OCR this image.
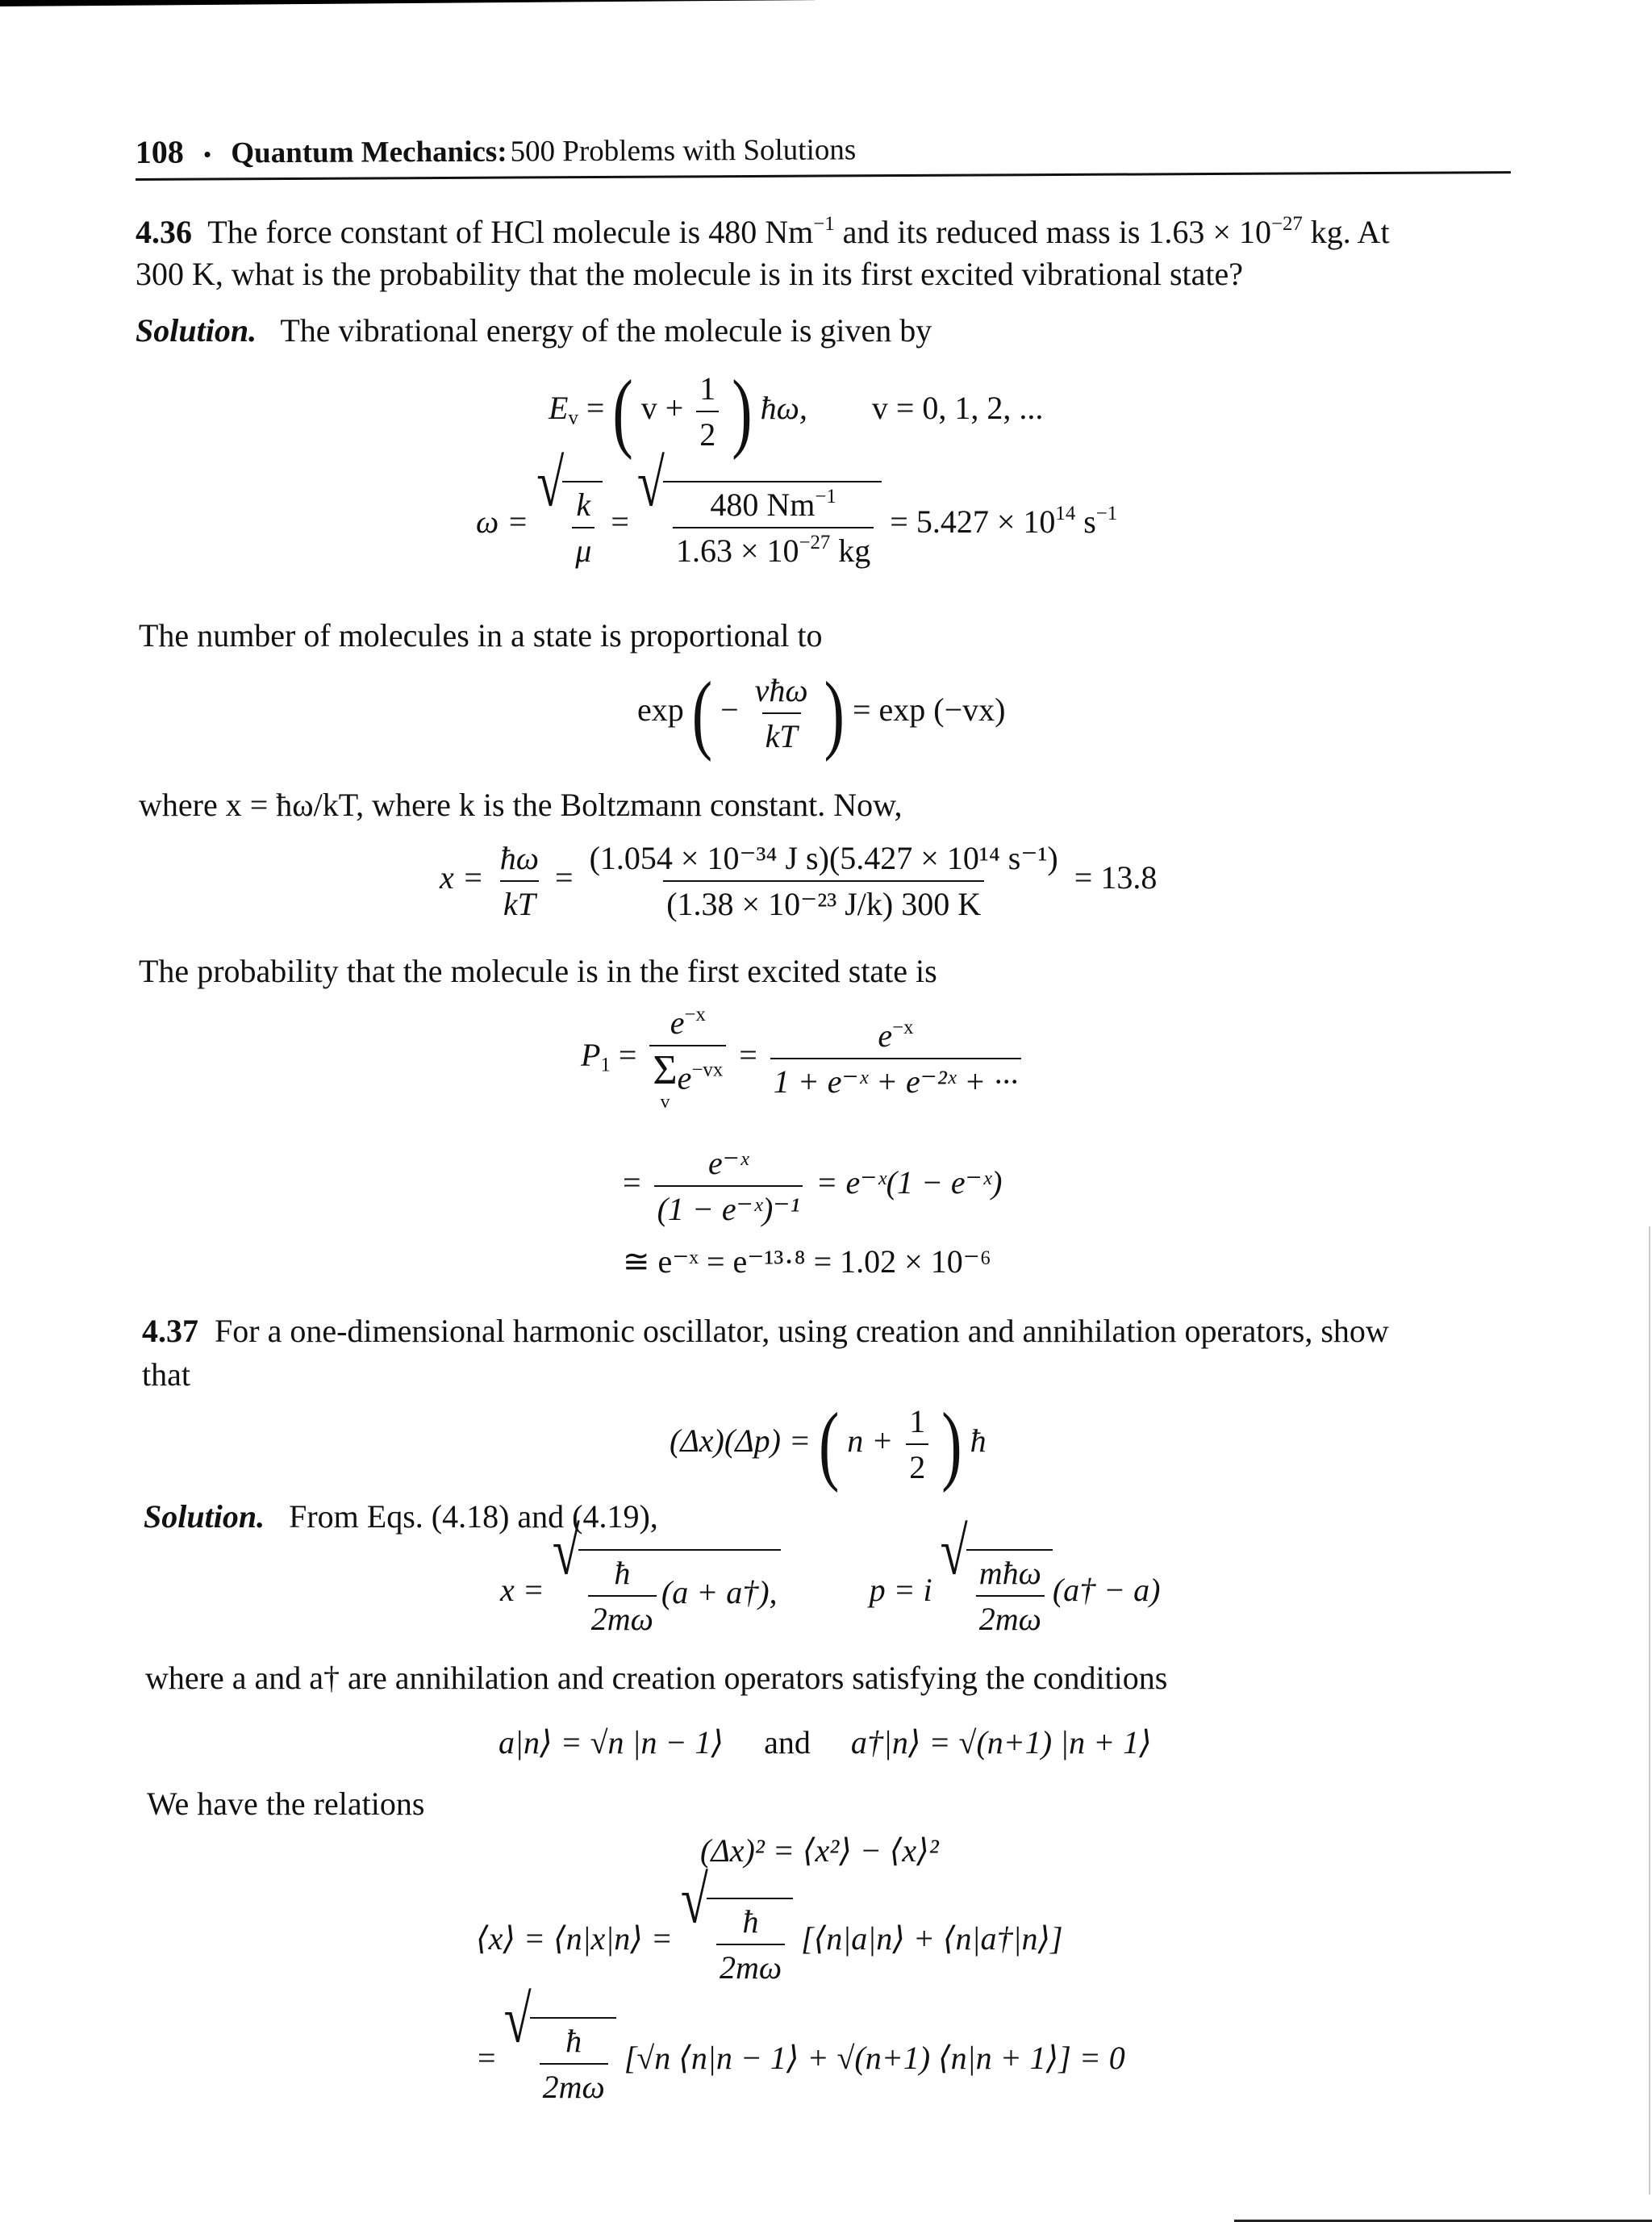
108 • Quantum Mechanics: 500 Problems with Solutions
4.36 The force constant of HCl molecule is 480 $Nm^{-1}$ and its reduced mass is $1.63 \times 10^{-27}$ kg. At
300 K, what is the probability that the molecule is in its first excited vibrational state?
Solution. The vibrational energy of the molecule is given by
$E_v$ = ( $v + \frac{1}{2}$ ) ħω, v = 0, 1, 2, ...
ω =
√
$\frac{k}{\mu}$ =
√
$\frac{480 Nm^{-1}}{1.63 \times 10^{-27} kg} = 5.427 \times 10^{14}$ $s^{-1}$
The number of molecules in a state is proportional to
exp ( − $\frac{\text{vħω}}{kT}$ ) = exp (−vx)
where x = ħω/kT, where k is the Boltzmann constant. Now,
$x = \frac{ħ\omega}{kT} = \frac{\text{(1.054 × 10⁻³⁴ J s)(5.427 × 10¹⁴ s⁻¹)}}{\text{(1.38 × 10⁻²³ J/k) 300 K}} = 13.8$
The probability that the molecule is in the first excited state is
$P_1 = e^{-x}$
Σ
v
$e^{-vx} = \frac{e^{-x}}{\text{1 + e⁻ˣ + e⁻²ˣ + ···}}$
= $\frac{\text{e⁻ˣ}}{\text{(1 − e⁻ˣ)⁻¹}}$ = e⁻ˣ(1 − e⁻ˣ)
≅ e⁻ˣ = e⁻¹³·⁸ = 1.02 × 10⁻⁶
4.37 For a one-dimensional harmonic oscillator, using creation and annihilation operators, show
that
(Δx)(Δp) = ( $n + \frac{1}{2}$ ) ħ
Solution. From Eqs. (4.18) and (4.19),
x =
√
$\frac{ħ}{2m\omega} (a$ + a†),	p = i
√
$\frac{\text{mħω}}{2m\omega}$ (a† − a)
where a and a† are annihilation and creation operators satisfying the conditions
a|n⟩ = √n |n − 1⟩ and a†|n⟩ = √(n+1) |n + 1⟩
We have the relations
(Δx)² = ⟨x²⟩ − ⟨x⟩²
⟨x⟩ = ⟨n|x|n⟩ =
√
$\frac{ħ}{2m\omega}$ [⟨n|a|n⟩ + ⟨n|a†|n⟩]
=
√
$\frac{ħ}{2m\omega} [√n$ ⟨n|n − 1⟩ + √(n+1) ⟨n|n + 1⟩] = 0
